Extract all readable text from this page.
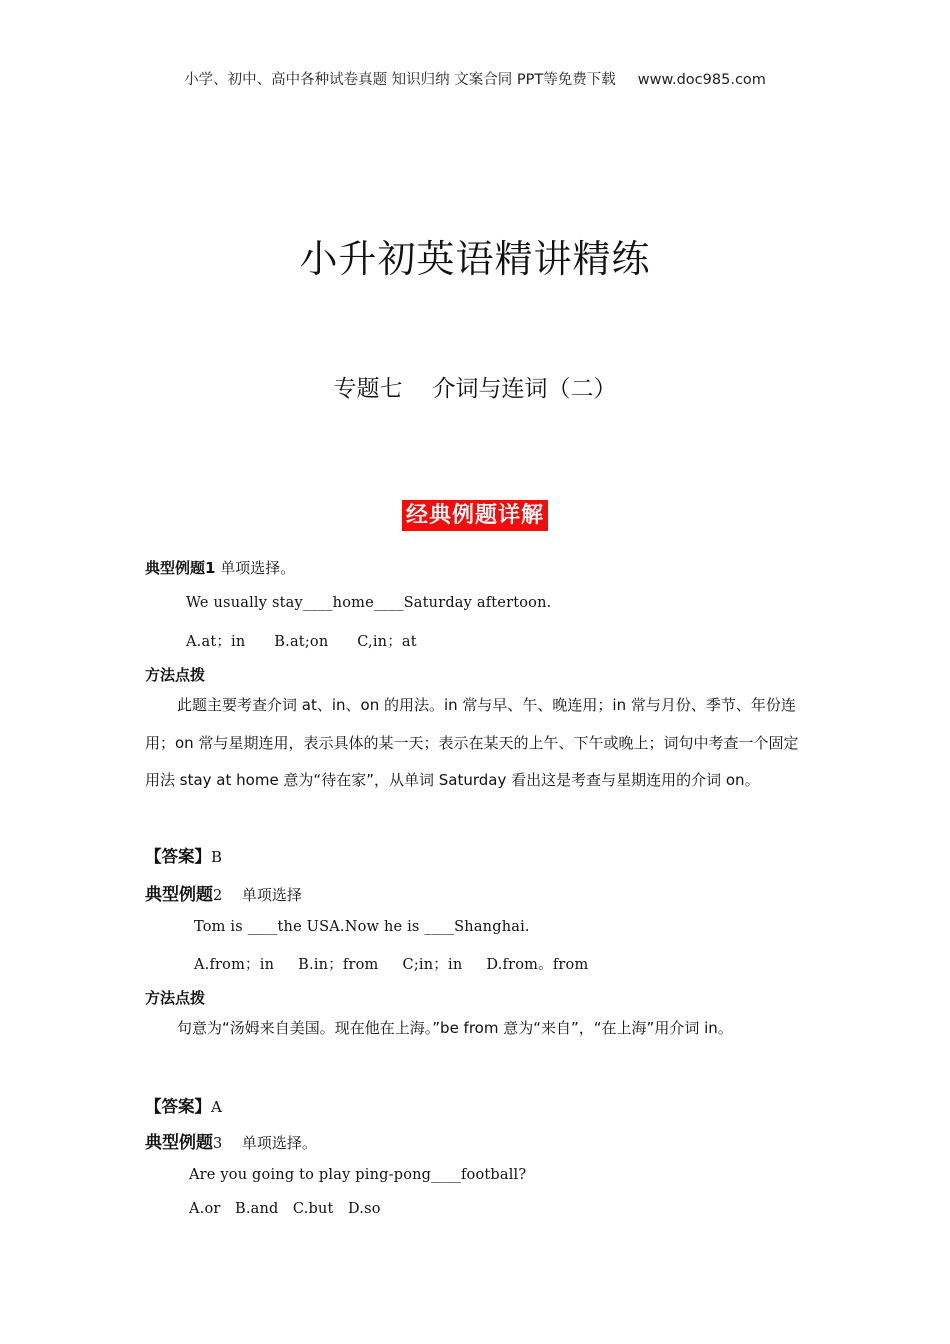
小学、初中、高中各种试卷真题 知识归纳 文案合同 PPT等免费下载 www.doc985.com
小升初英语精讲精练
专题七 介词与连词（二）
经典例题详解
典型例题1 单项选择。
We usually stay____home____Saturday aftertoon.
A.at；in      B.at;on      C,in；at
方法点拨
此题主要考查介词 at、in、on 的用法。in 常与早、午、晚连用；in 常与月份、季节、年份连用；on 常与星期连用，表示具体的某一天；表示在某天的上午、下午或晚上；词句中考查一个固定用法 stay at home 意为“待在家”，从单词 Saturday 看出这是考查与星期连用的介词 on。
【答案】B
典型例题2 单项选择
Tom is ____the USA.Now he is ____Shanghai.
A.from；in     B.in；from     C;in；in     D.from。from
方法点拨
句意为“汤姆来自美国。现在他在上海。”be from 意为“来自”，“在上海”用介词 in。
【答案】A
典型例题3 单项选择。
Are you going to play ping-pong____football?
A.or   B.and   C.but   D.so
